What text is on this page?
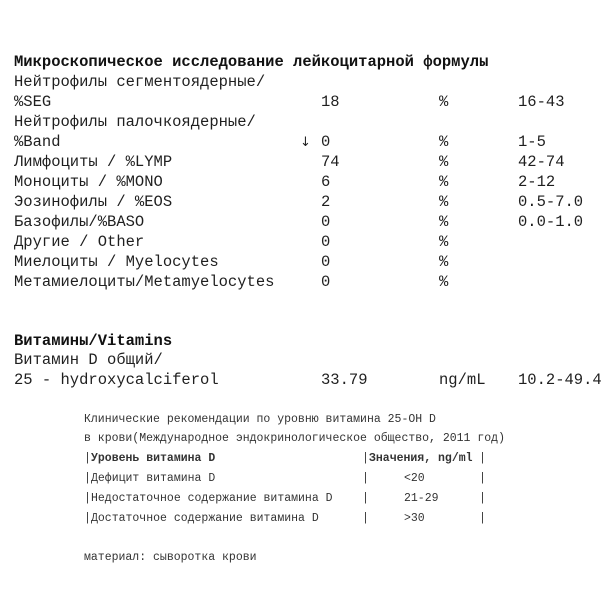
Микроскопическое исследование лейкоцитарной формулы
Нейтрофилы сегментоядерные/
%SEG	18	%	16-43
Нейтрофилы палочкоядерные/
%Band	↓ 0	%	1-5
Лимфоциты / %LYMP	74	%	42-74
Моноциты / %MONO	6	%	2-12
Эозинофилы / %EOS	2	%	0.5-7.0
Базофилы/%BASO	0	%	0.0-1.0
Другие / Other	0	%
Миелоциты / Myelocytes	0	%
Метамиелоциты/Metamyelocytes	0	%
Витамины/Vitamins
Витамин D общий/
25 - hydroxycalciferol	33.79	ng/mL 10.2-49.4
Клинические рекомендации по уровню витамина 25-OH D
в крови(Международное эндокринологическое общество, 2011 год)
| Уровень витамина D	| Значения, ng/ml |
| Дефицит витамина D	|	<20	|
| Недостаточное содержание витамина D	|	21-29	|
| Достаточное содержание витамина D	|	>30	|
материал: сыворотка крови
